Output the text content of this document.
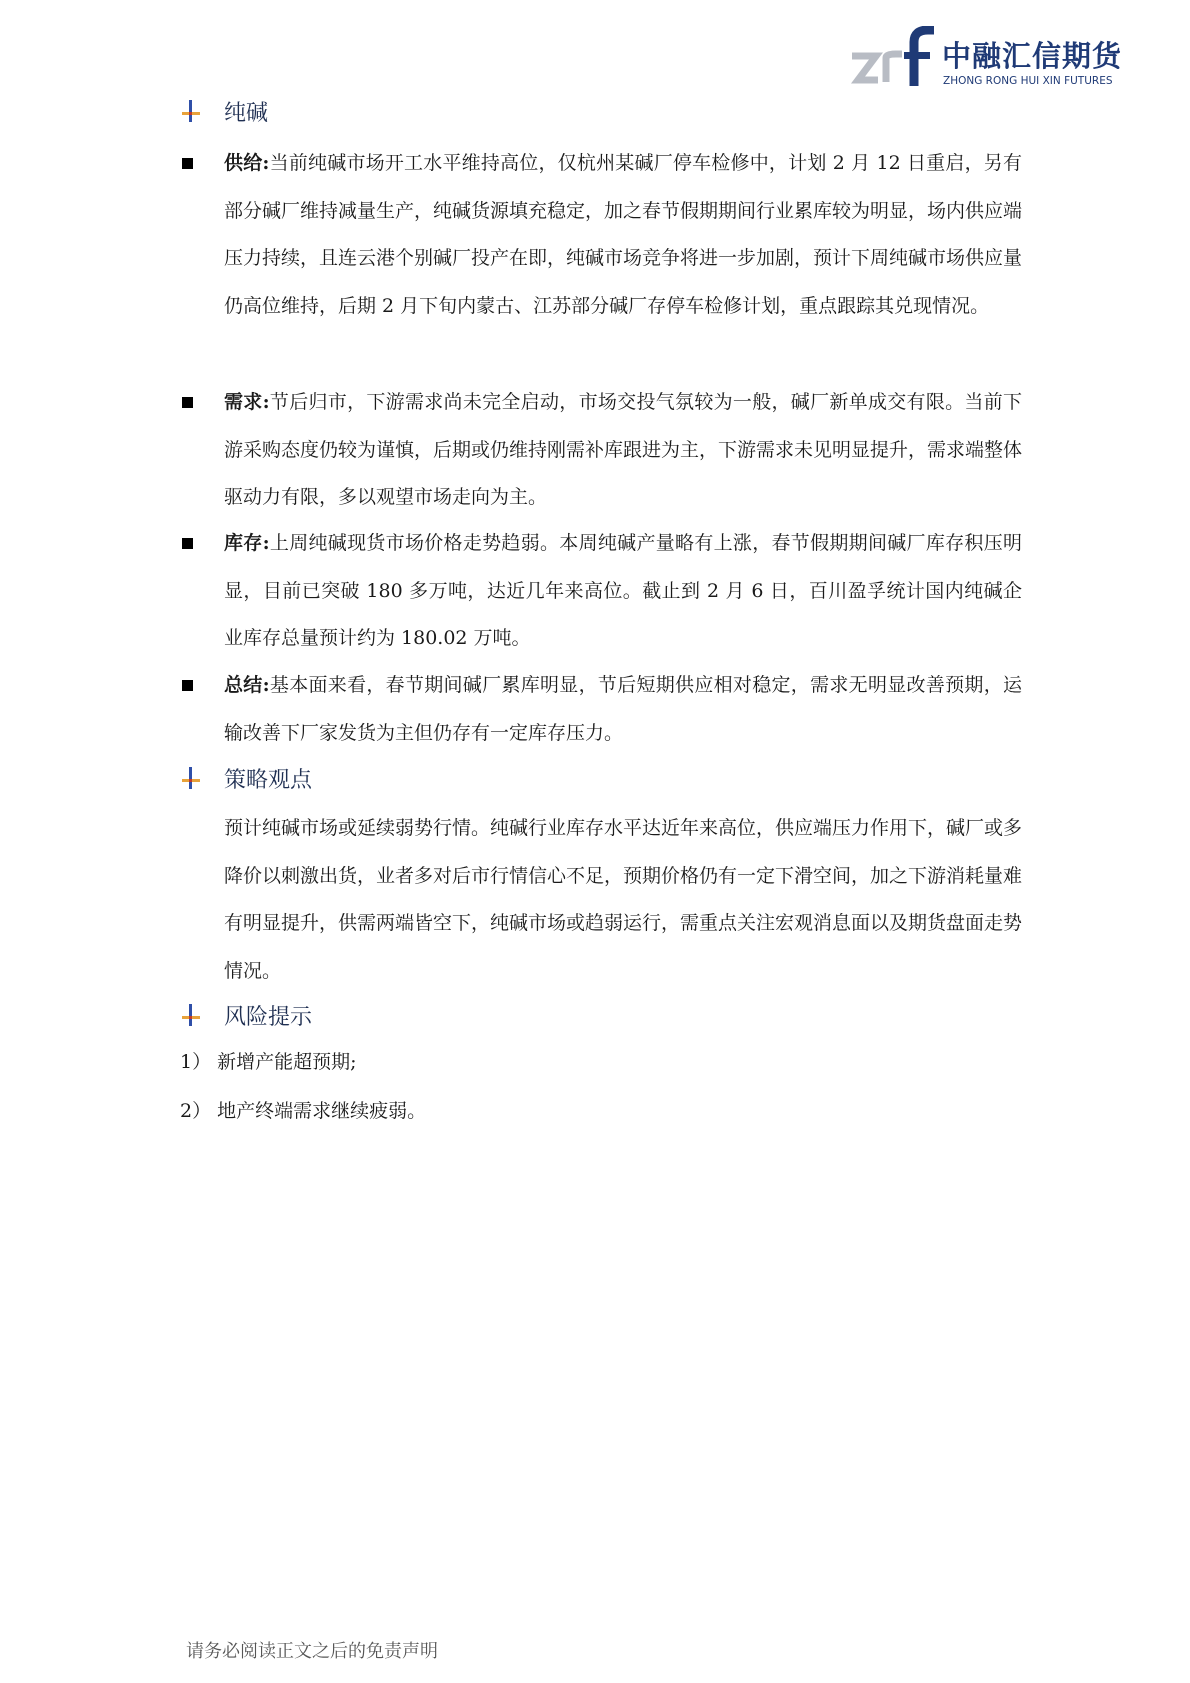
中融汇信期货
ZHONG RONG HUI XIN FUTURES
纯碱
供给:当前纯碱市场开工水平维持高位，仅杭州某碱厂停车检修中，计划 2 月 12 日重启，另有部分碱厂维持减量生产，纯碱货源填充稳定，加之春节假期期间行业累库较为明显，场内供应端压力持续，且连云港个别碱厂投产在即，纯碱市场竞争将进一步加剧，预计下周纯碱市场供应量仍高位维持，后期 2 月下旬内蒙古、江苏部分碱厂存停车检修计划，重点跟踪其兑现情况。
需求:节后归市，下游需求尚未完全启动，市场交投气氛较为一般，碱厂新单成交有限。当前下游采购态度仍较为谨慎，后期或仍维持刚需补库跟进为主，下游需求未见明显提升，需求端整体驱动力有限，多以观望市场走向为主。
库存:上周纯碱现货市场价格走势趋弱。本周纯碱产量略有上涨，春节假期期间碱厂库存积压明显，目前已突破 180 多万吨，达近几年来高位。截止到 2 月 6 日，百川盈孚统计国内纯碱企业库存总量预计约为 180.02 万吨。
总结:基本面来看，春节期间碱厂累库明显，节后短期供应相对稳定，需求无明显改善预期，运输改善下厂家发货为主但仍存有一定库存压力。
策略观点
预计纯碱市场或延续弱势行情。纯碱行业库存水平达近年来高位，供应端压力作用下，碱厂或多降价以刺激出货，业者多对后市行情信心不足，预期价格仍有一定下滑空间，加之下游消耗量难有明显提升，供需两端皆空下，纯碱市场或趋弱运行，需重点关注宏观消息面以及期货盘面走势情况。
风险提示
1） 新增产能超预期;
2） 地产终端需求继续疲弱。
请务必阅读正文之后的免责声明
